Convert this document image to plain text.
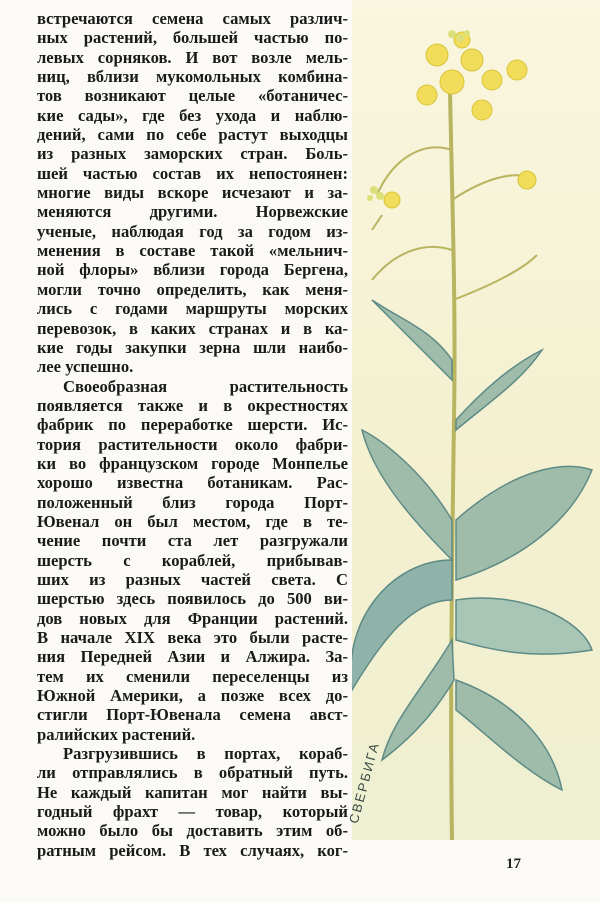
встречаются семена самых различ-
ных растений, большей частью по-
левых сорняков. И вот возле мель-
ниц, вблизи мукомольных комбина-
тов возникают целые «ботаничес-
кие сады», где без ухода и наблю-
дений, сами по себе растут выходцы
из разных заморских стран. Боль-
шей частью состав их непостоянен:
многие виды вскоре исчезают и за-
меняются другими. Норвежские
ученые, наблюдая год за годом из-
менения в составе такой «мельнич-
ной флоры» вблизи города Бергена,
могли точно определить, как меня-
лись с годами маршруты морских
перевозок, в каких странах и в ка-
кие годы закупки зерна шли наибо-
лее успешно.
Своеобразная растительность
появляется также и в окрестностях
фабрик по переработке шерсти. Ис-
тория растительности около фабри-
ки во французском городе Монпелье
хорошо известна ботаникам. Рас-
положенный близ города Порт-
Ювенал он был местом, где в те-
чение почти ста лет разгружали
шерсть с кораблей, прибывав-
ших из разных частей света. С
шерстью здесь появилось до 500 ви-
дов новых для Франции растений.
В начале XIX века это были расте-
ния Передней Азии и Алжира. За-
тем их сменили переселенцы из
Южной Америки, а позже всех до-
стигли Порт-Ювенала семена авст-
ралийских растений.
Разгрузившись в портах, кораб-
ли отправлялись в обратный путь.
Не каждый капитан мог найти вы-
годный фрахт — товар, который
можно было бы доставить этим об-
ратным рейсом. В тех случаях, ког-
СВЕРБИГА
17
